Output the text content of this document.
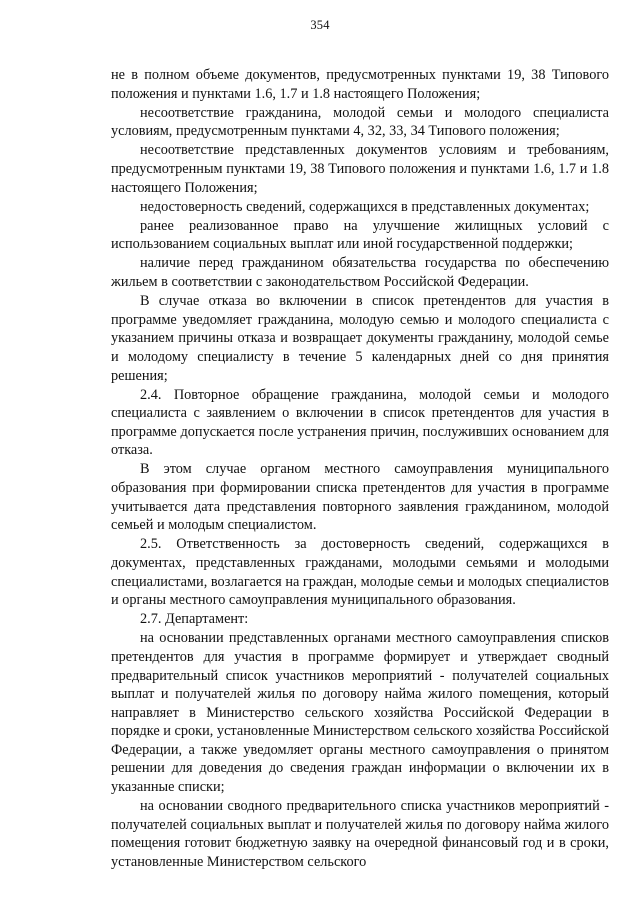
354

не в полном объеме документов, предусмотренных пунктами 19, 38 Типового положения и пунктами 1.6, 1.7 и 1.8 настоящего Положения;

несоответствие гражданина, молодой семьи и молодого специалиста условиям, предусмотренным пунктами 4, 32, 33, 34 Типового положения;

несоответствие представленных документов условиям и требованиям, предусмотренным пунктами 19, 38 Типового положения и пунктами 1.6, 1.7 и 1.8 настоящего Положения;

недостоверность сведений, содержащихся в представленных документах;

ранее реализованное право на улучшение жилищных условий с использованием социальных выплат или иной государственной поддержки;

наличие перед гражданином обязательства государства по обеспечению жильем в соответствии с законодательством Российской Федерации.

В случае отказа во включении в список претендентов для участия в программе уведомляет гражданина, молодую семью и молодого специалиста с указанием причины отказа и возвращает документы гражданину, молодой семье и молодому специалисту в течение 5 календарных дней со дня принятия решения;

2.4. Повторное обращение гражданина, молодой семьи и молодого специалиста с заявлением о включении в список претендентов для участия в программе допускается после устранения причин, послуживших основанием для отказа.

В этом случае органом местного самоуправления муниципального образования при формировании списка претендентов для участия в программе учитывается дата представления повторного заявления гражданином, молодой семьей и молодым специалистом.

2.5. Ответственность за достоверность сведений, содержащихся в документах, представленных гражданами, молодыми семьями и молодыми специалистами, возлагается на граждан, молодые семьи и молодых специалистов и органы местного самоуправления муниципального образования.

2.7. Департамент:

на основании представленных органами местного самоуправления списков претендентов для участия в программе формирует и утверждает сводный предварительный список участников мероприятий - получателей социальных выплат и получателей жилья по договору найма жилого помещения, который направляет в Министерство сельского хозяйства Российской Федерации в порядке и сроки, установленные Министерством сельского хозяйства Российской Федерации, а также уведомляет органы местного самоуправления о принятом решении для доведения до сведения граждан информации о включении их в указанные списки;

на основании сводного предварительного списка участников мероприятий - получателей социальных выплат и получателей жилья по договору найма жилого помещения готовит бюджетную заявку на очередной финансовый год и в сроки, установленные Министерством сельского
